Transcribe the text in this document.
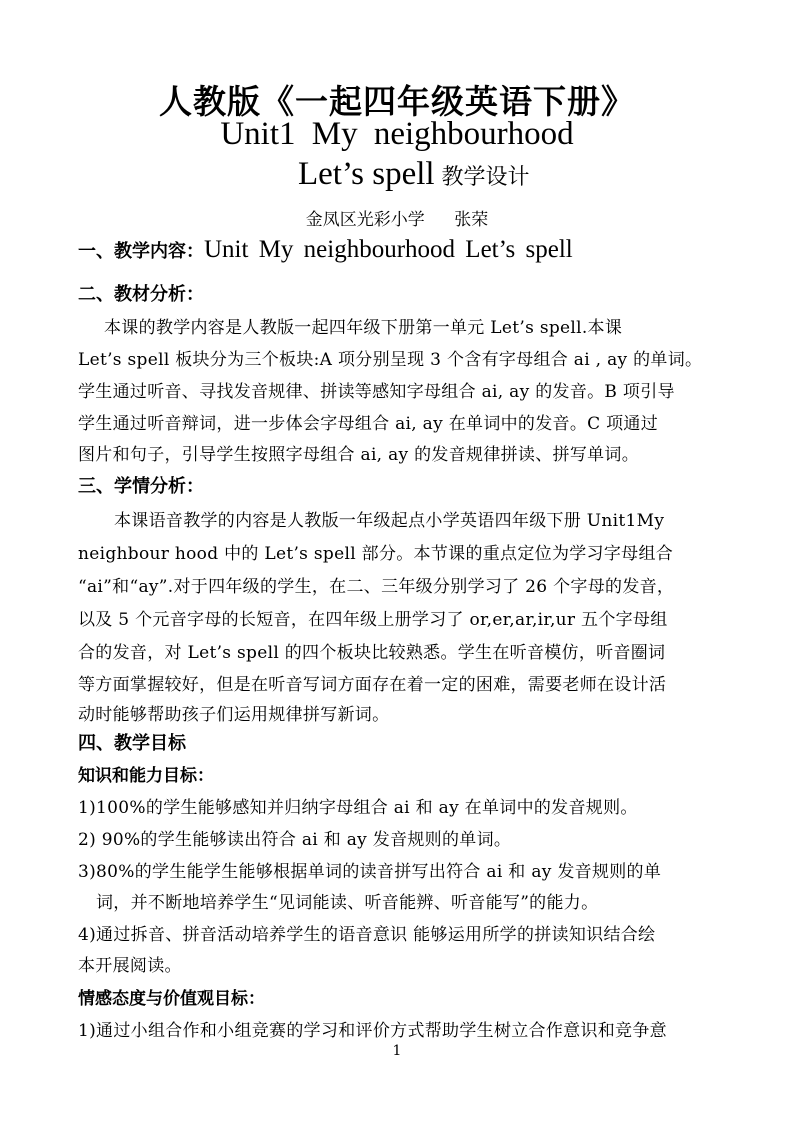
人教版《一起四年级英语下册》
Unit1 My neighbourhood
Let’s spell 教学设计
金凤区光彩小学 张荣
一、教学内容：Unit My neighbourhood Let’s spell
二、教材分析：
本课的教学内容是人教版一起四年级下册第一单元 Let’s spell.本课
Let’s spell 板块分为三个板块:A 项分别呈现 3 个含有字母组合 ai , ay 的单词。
学生通过听音、寻找发音规律、拼读等感知字母组合 ai, ay 的发音。B 项引导
学生通过听音辩词，进一步体会字母组合 ai, ay 在单词中的发音。C 项通过
图片和句子，引导学生按照字母组合 ai, ay 的发音规律拼读、拼写单词。
三、学情分析：
本课语音教学的内容是人教版一年级起点小学英语四年级下册 Unit1My
neighbour hood 中的 Let’s spell 部分。本节课的重点定位为学习字母组合
“ai”和“ay”.对于四年级的学生，在二、三年级分别学习了 26 个字母的发音，
以及 5 个元音字母的长短音，在四年级上册学习了 or,er,ar,ir,ur 五个字母组
合的发音，对 Let’s spell 的四个板块比较熟悉。学生在听音模仿，听音圈词
等方面掌握较好，但是在听音写词方面存在着一定的困难，需要老师在设计活
动时能够帮助孩子们运用规律拼写新词。
四、教学目标
知识和能力目标：
1)100%的学生能够感知并归纳字母组合 ai 和 ay 在单词中的发音规则。
2) 90%的学生能够读出符合 ai 和 ay 发音规则的单词。
3)80%的学生能学生能够根据单词的读音拼写出符合 ai 和 ay 发音规则的单
词，并不断地培养学生“见词能读、听音能辨、听音能写”的能力。
4)通过拆音、拼音活动培养学生的语音意识 能够运用所学的拼读知识结合绘
本开展阅读。
情感态度与价值观目标：
1)通过小组合作和小组竞赛的学习和评价方式帮助学生树立合作意识和竞争意
1
